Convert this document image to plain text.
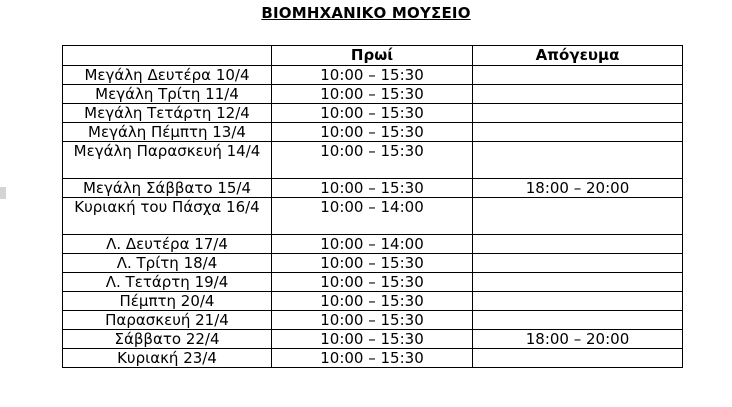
ΒΙΟΜΗΧΑΝΙΚΟ ΜΟΥΣΕΙΟ
	Πρωί	Απόγευμα
Μεγάλη Δευτέρα 10/4	10:00 – 15:30	
Μεγάλη Τρίτη 11/4	10:00 – 15:30	
Μεγάλη Τετάρτη 12/4	10:00 – 15:30	
Μεγάλη Πέμπτη 13/4	10:00 – 15:30	
Μεγάλη Παρασκευή 14/4	10:00 – 15:30	
Μεγάλη Σάββατο 15/4	10:00 – 15:30	18:00 – 20:00
Κυριακή του Πάσχα 16/4	10:00 – 14:00	
Λ. Δευτέρα 17/4	10:00 – 14:00	
Λ. Τρίτη 18/4	10:00 – 15:30	
Λ. Τετάρτη 19/4	10:00 – 15:30	
Πέμπτη 20/4	10:00 – 15:30	
Παρασκευή 21/4	10:00 – 15:30	
Σάββατο 22/4	10:00 – 15:30	18:00 – 20:00
Κυριακή 23/4	10:00 – 15:30	
